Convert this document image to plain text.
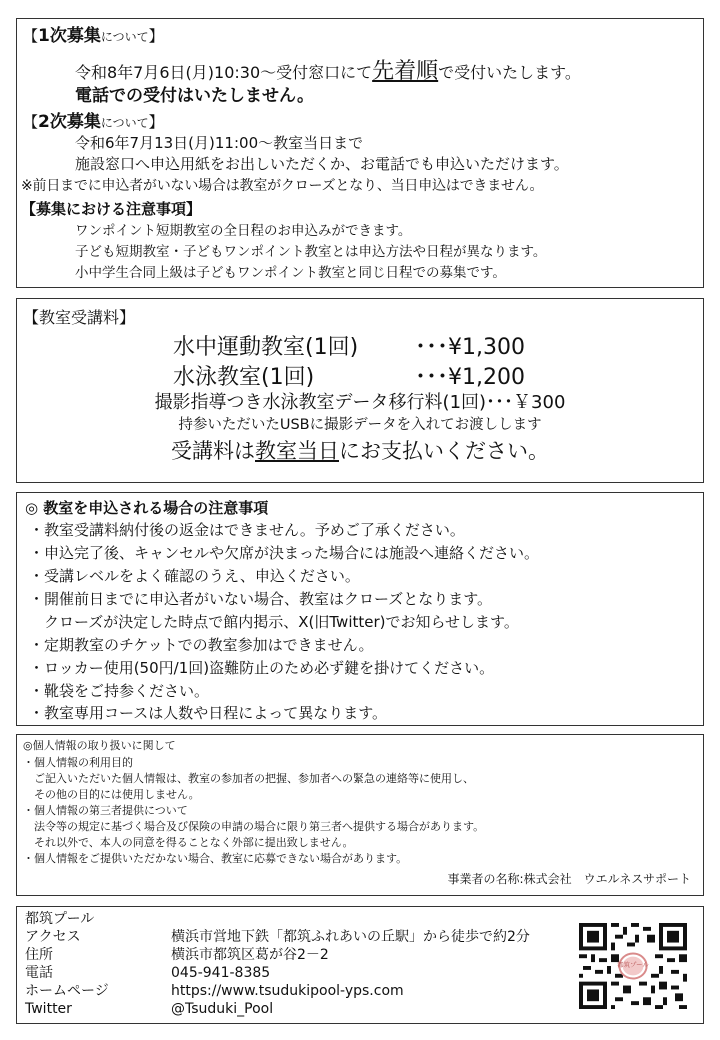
【1次募集について】
令和8年7月6日(月)10:30～受付窓口にて先着順で受付いたします。
電話での受付はいたしません。
【2次募集について】
令和6年7月13日(月)11:00～教室当日まで
施設窓口へ申込用紙をお出しいただくか、お電話でも申込いただけます。
※前日までに申込者がいない場合は教室がクローズとなり、当日申込はできません。
【募集における注意事項】
ワンポイント短期教室の全日程のお申込みができます。
子ども短期教室・子どもワンポイント教室とは申込方法や日程が異なります。
小中学生合同上級は子どもワンポイント教室と同じ日程での募集です。
【教室受講料】
水中運動教室(1回)	･･･¥1,300
水泳教室(1回)	･･･¥1,200
撮影指導つき水泳教室データ移行料(1回)･･･￥300
持参いただいたUSBに撮影データを入れてお渡しします
受講料は教室当日にお支払いください。
◎ 教室を申込される場合の注意事項
・教室受講料納付後の返金はできません。予めご了承ください。
・申込完了後、キャンセルや欠席が決まった場合には施設へ連絡ください。
・受講レベルをよく確認のうえ、申込ください。
・開催前日までに申込者がいない場合、教室はクローズとなります。
　クローズが決定した時点で館内掲示、X(旧Twitter)でお知らせします。
・定期教室のチケットでの教室参加はできません。
・ロッカー使用(50円/1回)盗難防止のため必ず鍵を掛けてください。
・靴袋をご持参ください。
・教室専用コースは人数や日程によって異なります。
◎個人情報の取り扱いに関して
・個人情報の利用目的
　ご記入いただいた個人情報は、教室の参加者の把握、参加者への緊急の連絡等に使用し、
　その他の目的には使用しません。
・個人情報の第三者提供について
　法令等の規定に基づく場合及び保険の申請の場合に限り第三者へ提供する場合があります。
　それ以外で、本人の同意を得ることなく外部に提出致しません。
・個人情報をご提供いただかない場合、教室に応募できない場合があります。
事業者の名称:株式会社　ウエルネスサポート
都筑プール
アクセス	横浜市営地下鉄「都筑ふれあいの丘駅」から徒歩で約2分
住所	横浜市都筑区葛が谷2－2
電話	045-941-8385
ホームページ	https://www.tsudukipool-yps.com
Twitter	@Tsuduki_Pool
都筑プール
